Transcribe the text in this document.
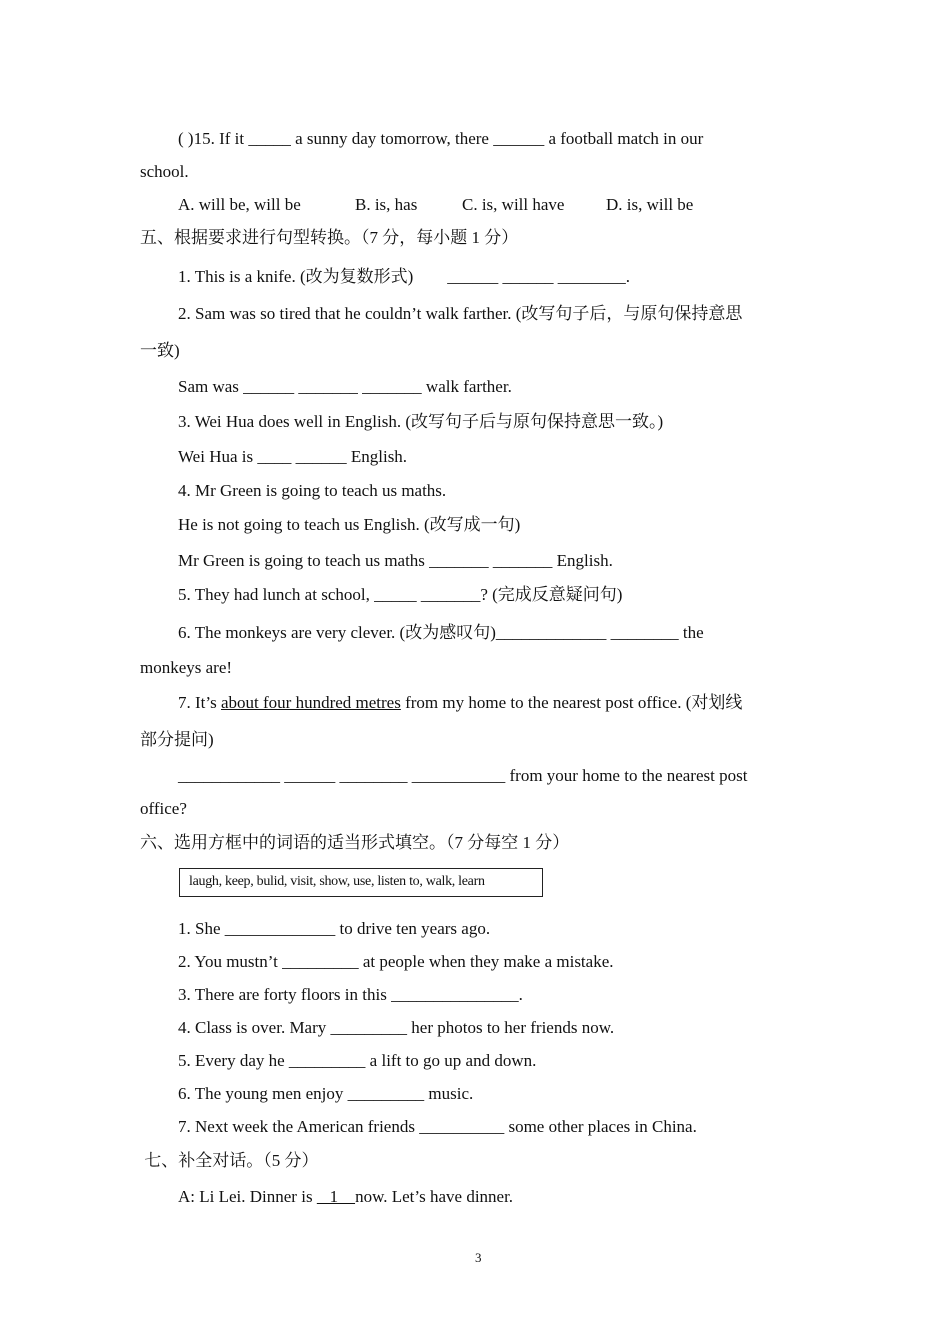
( )15. If it _____ a sunny day tomorrow, there ______ a football match in our
school.
A. will be, will be	B. is, has	C. is, will have D. is, will be
五、根据要求进行句型转换。（7 分，每小题 1 分）
1. This is a knife. (改为复数形式)        ______ ______ ________.
2. Sam was so tired that he couldn’t walk farther. (改写句子后，与原句保持意思
一致)
Sam was ______ _______ _______ walk farther.
3. Wei Hua does well in English. (改写句子后与原句保持意思一致。)
Wei Hua is ____ ______ English.
4. Mr Green is going to teach us maths.
He is not going to teach us English. (改写成一句)
Mr Green is going to teach us maths _______ _______ English.
5. They had lunch at school, _____ _______? (完成反意疑问句)
6. The monkeys are very clever. (改为感叹句)_____________ ________ the
monkeys are!
7. It’s about four hundred metres from my home to the nearest post office. (对划线
部分提问)
____________ ______ ________ ___________ from your home to the nearest post
office?
六、选用方框中的词语的适当形式填空。（7 分每空 1 分）
laugh, keep, bulid, visit, show, use, listen to, walk, learn
1. She _____________ to drive ten years ago.
2. You mustn’t _________ at people when they make a mistake.
3. There are forty floors in this _______________.
4. Class is over. Mary _________ her photos to her friends now.
5. Every day he _________ a lift to go up and down.
6. The young men enjoy _________ music.
7. Next week the American friends __________ some other places in China.
七、补全对话。（5 分）
A: Li Lei. Dinner is    1    now. Let’s have dinner.
3
